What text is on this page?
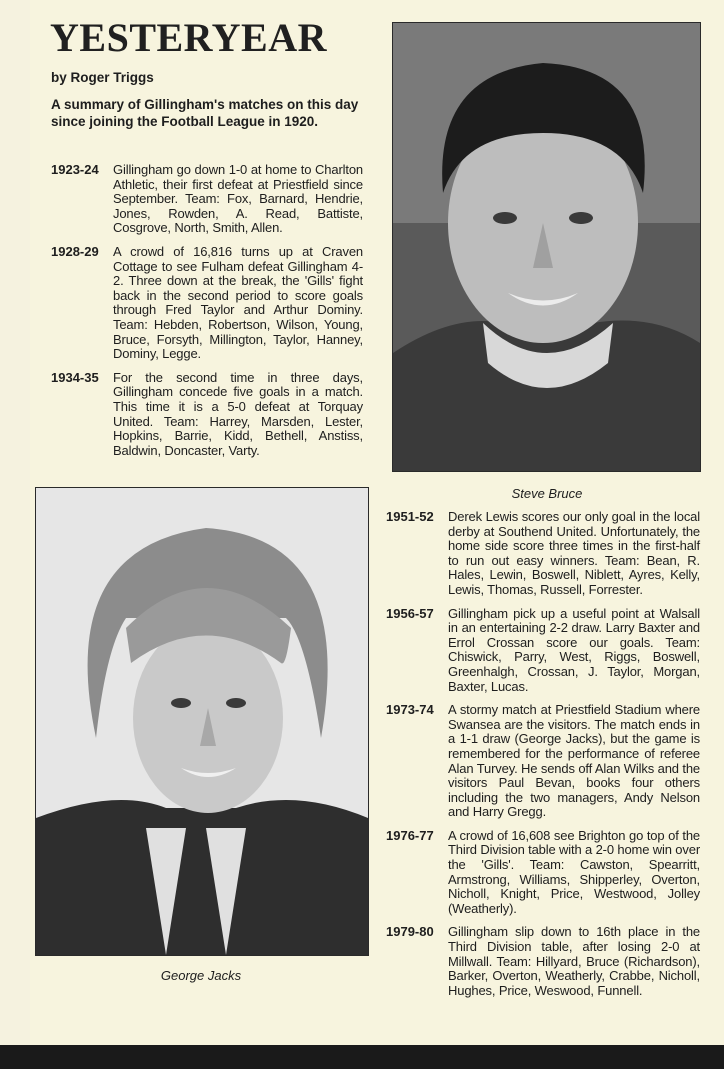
YESTERYEAR
by Roger Triggs
A summary of Gillingham's matches on this day since joining the Football League in 1920.
1923-24	Gillingham go down 1-0 at home to Charlton Athletic, their first defeat at Priestfield since September. Team: Fox, Barnard, Hendrie, Jones, Rowden, A. Read, Battiste, Cosgrove, North, Smith, Allen.
1928-29	A crowd of 16,816 turns up at Craven Cottage to see Fulham defeat Gillingham 4-2. Three down at the break, the 'Gills' fight back in the second period to score goals through Fred Taylor and Arthur Dominy. Team: Hebden, Robertson, Wilson, Young, Bruce, Forsyth, Millington, Taylor, Hanney, Dominy, Legge.
1934-35	For the second time in three days, Gillingham concede five goals in a match. This time it is a 5-0 defeat at Torquay United. Team: Harrey, Marsden, Lester, Hopkins, Barrie, Kidd, Bethell, Anstiss, Baldwin, Doncaster, Varty.
Steve Bruce
George Jacks
1951-52	Derek Lewis scores our only goal in the local derby at Southend United. Unfortunately, the home side score three times in the first-half to run out easy winners. Team: Bean, R. Hales, Lewin, Boswell, Niblett, Ayres, Kelly, Lewis, Thomas, Russell, Forrester.
1956-57	Gillingham pick up a useful point at Walsall in an entertaining 2-2 draw. Larry Baxter and Errol Crossan score our goals. Team: Chiswick, Parry, West, Riggs, Boswell, Greenhalgh, Crossan, J. Taylor, Morgan, Baxter, Lucas.
1973-74	A stormy match at Priestfield Stadium where Swansea are the visitors. The match ends in a 1-1 draw (George Jacks), but the game is remembered for the performance of referee Alan Turvey. He sends off Alan Wilks and the visitors Paul Bevan, books four others including the two managers, Andy Nelson and Harry Gregg.
1976-77	A crowd of 16,608 see Brighton go top of the Third Division table with a 2-0 home win over the 'Gills'. Team: Cawston, Spearritt, Armstrong, Williams, Shipperley, Overton, Nicholl, Knight, Price, Westwood, Jolley (Weatherly).
1979-80	Gillingham slip down to 16th place in the Third Division table, after losing 2-0 at Millwall. Team: Hillyard, Bruce (Richardson), Barker, Overton, Weatherly, Crabbe, Nicholl, Hughes, Price, Weswood, Funnell.
